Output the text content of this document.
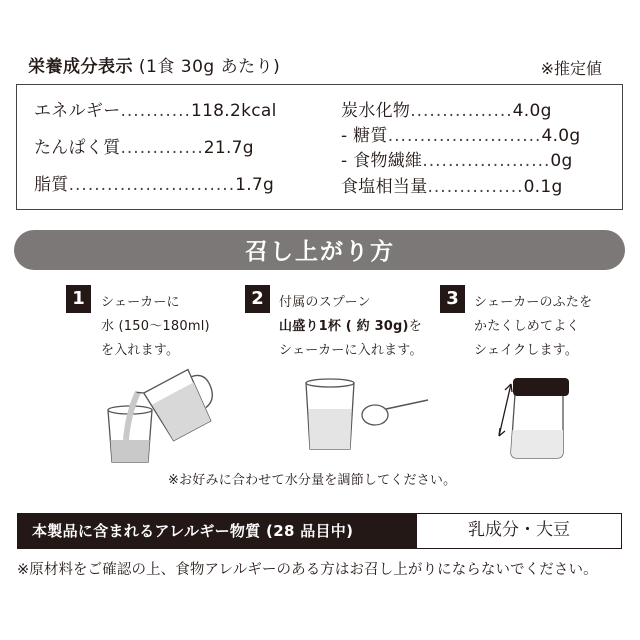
栄養成分表示 (1食 30g あたり)	※推定値
エネルギー...........118.2kcal
たんぱく質.............21.7g
脂質..........................1.7g
炭水化物................4.0g
- 糖質........................4.0g
- 食物繊維....................0g
食塩相当量...............0.1g
召し上がり方
1	シェーカーに
水 (150〜180ml)
を入れます。
2	付属のスプーン
山盛り1杯 ( 約 30g)を
シェーカーに入れます。
3	シェーカーのふたを
かたくしめてよく
シェイクします。
※お好みに合わせて水分量を調節してください。
本製品に含まれるアレルギー物質 (28 品目中)	乳成分・大豆
※原材料をご確認の上、食物アレルギーのある方はお召し上がりにならないでください。
